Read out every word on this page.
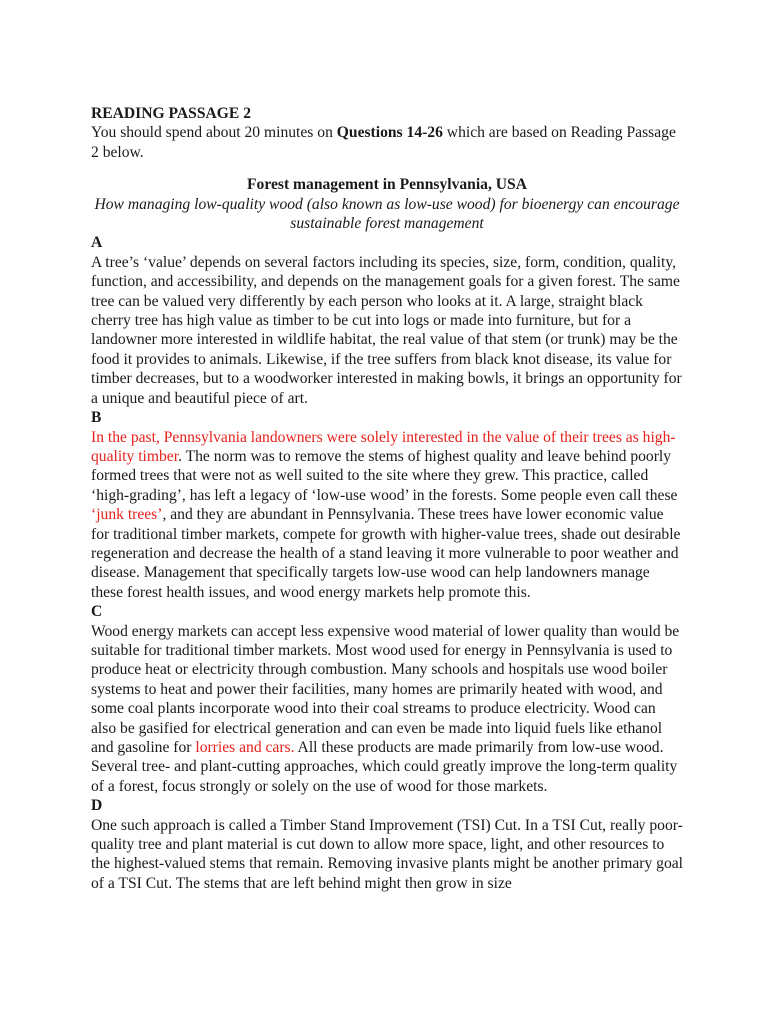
READING PASSAGE 2

You should spend about 20 minutes on Questions 14-26 which are based on Reading Passage 2 below.

Forest management in Pennsylvania, USA

How managing low-quality wood (also known as low-use wood) for bioenergy can encourage sustainable forest management

A

A tree’s ‘value’ depends on several factors including its species, size, form, condition, quality, function, and accessibility, and depends on the management goals for a given forest. The same tree can be valued very differently by each person who looks at it. A large, straight black cherry tree has high value as timber to be cut into logs or made into furniture, but for a landowner more interested in wildlife habitat, the real value of that stem (or trunk) may be the food it provides to animals. Likewise, if the tree suffers from black knot disease, its value for timber decreases, but to a woodworker interested in making bowls, it brings an opportunity for a unique and beautiful piece of art.

B

In the past, Pennsylvania landowners were solely interested in the value of their trees as high-quality timber. The norm was to remove the stems of highest quality and leave behind poorly formed trees that were not as well suited to the site where they grew. This practice, called ‘high-grading’, has left a legacy of ‘low-use wood’ in the forests. Some people even call these ‘junk trees’, and they are abundant in Pennsylvania. These trees have lower economic value for traditional timber markets, compete for growth with higher-value trees, shade out desirable regeneration and decrease the health of a stand leaving it more vulnerable to poor weather and disease. Management that specifically targets low-use wood can help landowners manage these forest health issues, and wood energy markets help promote this.

C

Wood energy markets can accept less expensive wood material of lower quality than would be suitable for traditional timber markets. Most wood used for energy in Pennsylvania is used to produce heat or electricity through combustion. Many schools and hospitals use wood boiler systems to heat and power their facilities, many homes are primarily heated with wood, and some coal plants incorporate wood into their coal streams to produce electricity. Wood can also be gasified for electrical generation and can even be made into liquid fuels like ethanol and gasoline for lorries and cars. All these products are made primarily from low-use wood. Several tree- and plant-cutting approaches, which could greatly improve the long-term quality of a forest, focus strongly or solely on the use of wood for those markets.

D

One such approach is called a Timber Stand Improvement (TSI) Cut. In a TSI Cut, really poor-quality tree and plant material is cut down to allow more space, light, and other resources to the highest-valued stems that remain. Removing invasive plants might be another primary goal of a TSI Cut. The stems that are left behind might then grow in size
